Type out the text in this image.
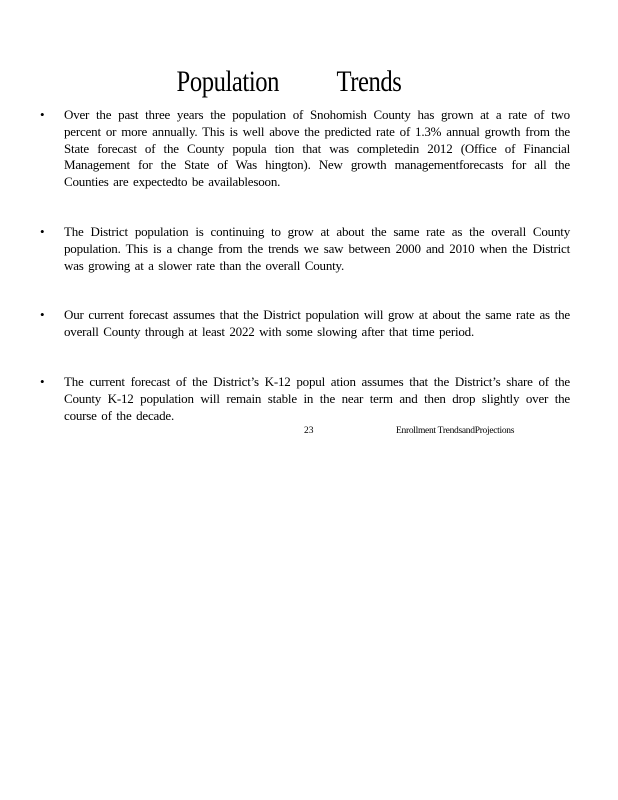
Population Trends
• Over the past three years the population of Snohomish County has grown at a rate of two percent or more annually. This is well above the predicted rate of 1.3% annual growth from the State forecast of the County popula tion that was completedin 2012 (Office of Financial Management for the State of Was hington). New growth managementforecasts for all the Counties are expectedto be availablesoon.
• The District population is continuing to grow at about the same rate as the overall County population. This is a change from the trends we saw between 2000 and 2010 when the District was growing at a slower rate than the overall County.
• Our current forecast assumes that the District population will grow at about the same rate as the overall County through at least 2022 with some slowing after that time period.
• The current forecast of the District’s K-12 popul ation assumes that the District’s share of the County K-12 population will remain stable in the near term and then drop slightly over the course of the decade.
23	Enrollment TrendsandProjections
